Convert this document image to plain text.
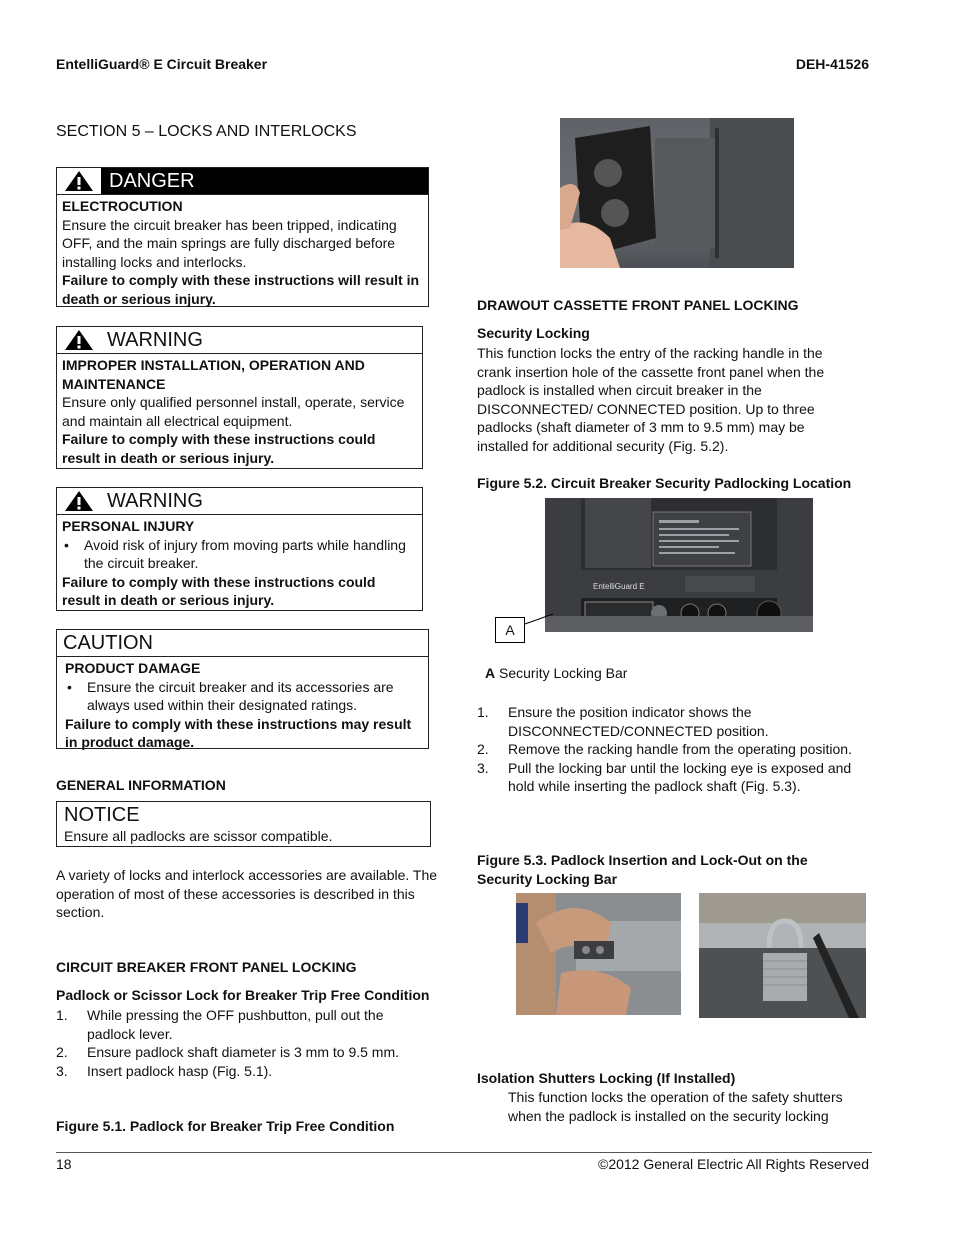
EntelliGuard® E Circuit Breaker	DEH-41526
SECTION 5 – LOCKS AND INTERLOCKS
DANGER

ELECTROCUTION

Ensure the circuit breaker has been tripped, indicating OFF, and the main springs are fully discharged before installing locks and interlocks.

Failure to comply with these instructions will result in death or serious injury.

WARNING

IMPROPER INSTALLATION, OPERATION AND MAINTENANCE

Ensure only qualified personnel install, operate, service and maintain all electrical equipment.

Failure to comply with these instructions could result in death or serious injury.

WARNING

PERSONAL INJURY

• Avoid risk of injury from moving parts while handling the circuit breaker.

Failure to comply with these instructions could result in death or serious injury.

CAUTION

PRODUCT DAMAGE

• Ensure the circuit breaker and its accessories are always used within their designated ratings.

Failure to comply with these instructions may result in product damage.

GENERAL INFORMATION
NOTICE
Ensure all padlocks are scissor compatible.

A variety of locks and interlock accessories are available. The operation of most of these accessories is described in this section.

CIRCUIT BREAKER FRONT PANEL LOCKING
Padlock or Scissor Lock for Breaker Trip Free Condition
1. While pressing the OFF pushbutton, pull out the padlock lever.
2. Ensure padlock shaft diameter is 3 mm to 9.5 mm.
3. Insert padlock hasp (Fig. 5.1).
Figure 5.1. Padlock for Breaker Trip Free Condition
DRAWOUT CASSETTE FRONT PANEL LOCKING
Security Locking

This function locks the entry of the racking handle in the crank insertion hole of the cassette front panel when the padlock is installed when circuit breaker in the DISCONNECTED/ CONNECTED position. Up to three padlocks (shaft diameter of 3 mm to 9.5 mm) may be installed for additional security (Fig. 5.2).

Figure 5.2. Circuit Breaker Security Padlocking Location
EntelliGuard E
A
A Security Locking Bar
1. Ensure the position indicator shows the DISCONNECTED/CONNECTED position.
2. Remove the racking handle from the operating position.
3. Pull the locking bar until the locking eye is exposed and hold while inserting the padlock shaft (Fig. 5.3).

Figure 5.3. Padlock Insertion and Lock-Out on the Security Locking Bar

Isolation Shutters Locking (If Installed)

This function locks the operation of the safety shutters when the padlock is installed on the security locking

18	©2012 General Electric All Rights Reserved
